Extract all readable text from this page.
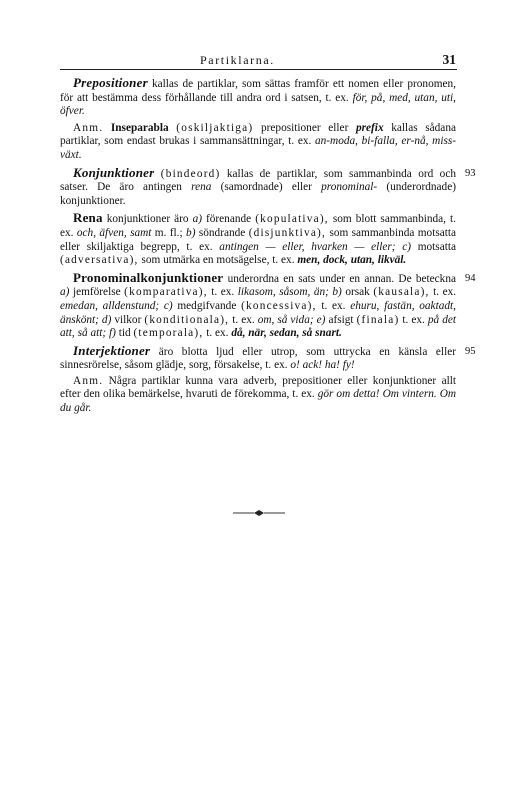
Partiklarna.	31

Prepositioner kallas de partiklar, som sättas framför ett nomen eller pronomen, för att bestämma dess förhållande till andra ord i satsen, t. ex. för, på, med, utan, uti, öfver.

Anm. Inseparabla (oskiljaktiga) prepositioner eller prefix kallas sådana partiklar, som endast brukas i sammansättningar, t. ex. an-moda, bi-falla, er-nå, miss-växt.

93
Konjunktioner (bindeord) kallas de partiklar, som sammanbinda ord och satser. De äro antingen rena (samordnade) eller pronominal- (underordnade) konjunktioner.

Rena konjunktioner äro a) förenande (kopulativa), som blott sammanbinda, t. ex. och, äfven, samt m. fl.; b) söndrande (disjunktiva), som sammanbinda motsatta eller skiljaktiga begrepp, t. ex. antingen — eller, hvarken — eller; c) motsatta (adversativa), som utmärka en motsägelse, t. ex. men, dock, utan, likväl.

94
Pronominalkonjunktioner underordna en sats under en annan. De beteckna a) jemförelse (komparativa), t. ex. likasom, såsom, än; b) orsak (kausala), t. ex. emedan, alldenstund; c) medgifvande (koncessiva), t. ex. ehuru, fastän, oaktadt, änskönt; d) vilkor (konditionala), t. ex. om, så vida; e) afsigt (finala) t. ex. på det att, så att; f) tid (temporala), t. ex. då, när, sedan, så snart.

95
Interjektioner äro blotta ljud eller utrop, som uttrycka en känsla eller sinnesrörelse, såsom glädje, sorg, försakelse, t. ex. o! ack! ha! fy!

Anm. Några partiklar kunna vara adverb, prepositioner eller konjunktioner allt efter den olika bemärkelse, hvaruti de förekomma, t. ex. gör om detta! Om vintern. Om du går.
